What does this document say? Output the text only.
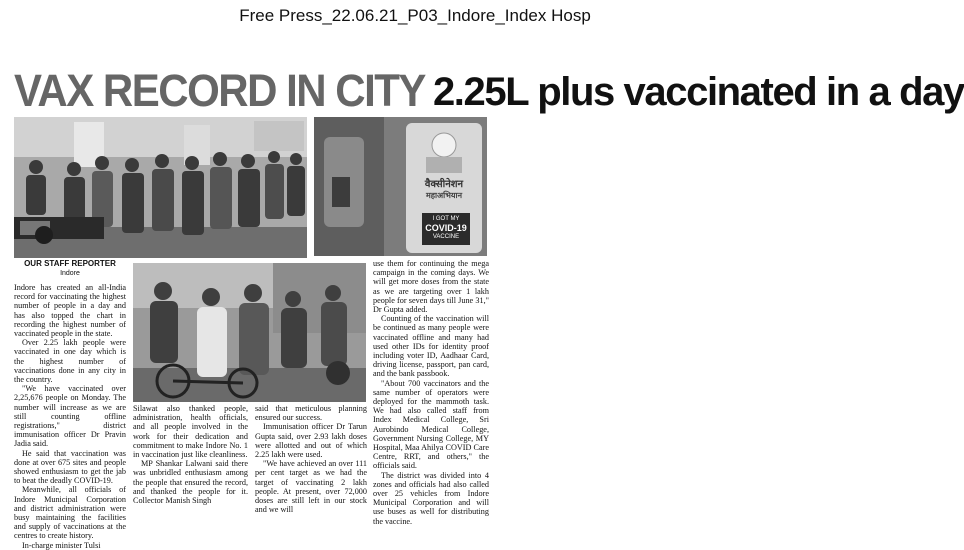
Free Press_22.06.21_P03_Indore_Index Hosp
VAX RECORD IN CITY 2.25L plus vaccinated in a day
वैक्सीनेशन
महाअभियान
I GOT MY
COVID-19
VACCINE
OUR STAFF REPORTER
Indore

Indore has created an all-India record for vaccinating the highest number of people in a day and has also topped the chart in recording the highest number of vaccinated people in the state.

Over 2.25 lakh people were vaccinated in one day which is the highest number of vaccinations done in any city in the country.

"We have vaccinated over 2,25,676 people on Monday. The number will increase as we are still counting offline registrations," district immunisation officer Dr Pravin Jadia said.

He said that vaccination was done at over 675 sites and people showed enthusiasm to get the jab to beat the deadly COVID-19.

Meanwhile, all officials of Indore Municipal Corporation and district administration were busy maintaining the facilities and supply of vaccinations at the centres to create history.

In-charge minister Tulsi

Silawat also thanked people, administration, health officials, and all people involved in the work for their dedication and commitment to make Indore No. 1 in vaccination just like cleanliness.

MP Shankar Lalwani said there was unbridled enthusiasm among the people that ensured the record, and thanked the people for it. Collector Manish Singh

said that meticulous planning ensured our success.

Immunisation officer Dr Tarun Gupta said, over 2.93 lakh doses were allotted and out of which 2.25 lakh were used.

"We have achieved an over 111 per cent target as we had the target of vaccinating 2 lakh people. At present, over 72,000 doses are still left in our stock and we will

use them for continuing the mega campaign in the coming days. We will get more doses from the state as we are targeting over 1 lakh people for seven days till June 31," Dr Gupta added.

Counting of the vaccination will be continued as many people were vaccinated offline and many had used other IDs for identity proof including voter ID, Aadhaar Card, driving license, passport, pan card, and the bank passbook.

"About 700 vaccinators and the same number of operators were deployed for the mammoth task. We had also called staff from Index Medical College, Sri Aurobindo Medical College, Government Nursing College, MY Hospital, Maa Ahilya COVID Care Centre, RRT, and others," the officials said.

The district was divided into 4 zones and officials had also called over 25 vehicles from Indore Municipal Corporation and will use buses as well for distributing the vaccine.
